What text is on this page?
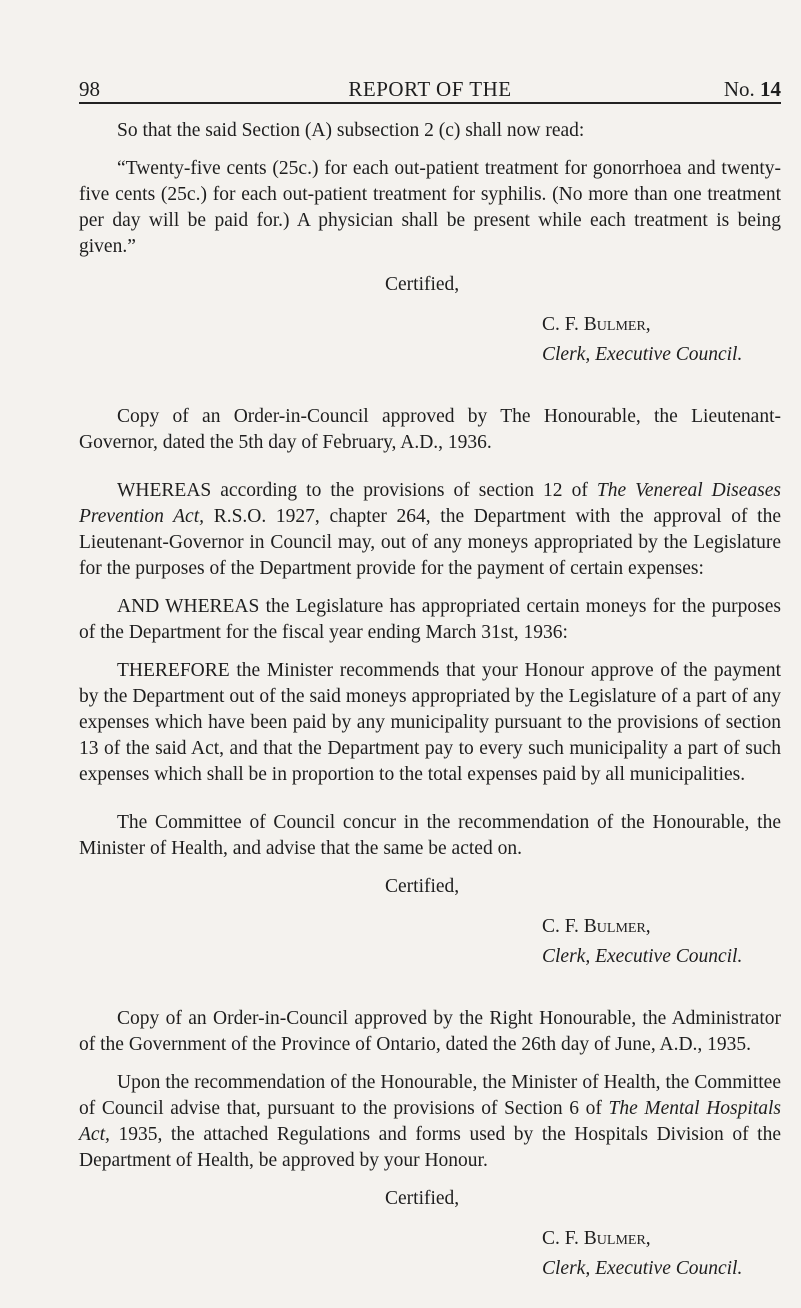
98	REPORT OF THE	No. 14

So that the said Section (A) subsection 2 (c) shall now read:

“Twenty-five cents (25c.) for each out-patient treatment for gonorrhoea and twenty-five cents (25c.) for each out-patient treatment for syphilis. (No more than one treatment per day will be paid for.) A physician shall be present while each treatment is being given.”

Certified,
C. F. Bulmer,
Clerk, Executive Council.

Copy of an Order-in-Council approved by The Honourable, the Lieutenant-Governor, dated the 5th day of February, A.D., 1936.

WHEREAS according to the provisions of section 12 of The Venereal Diseases Prevention Act, R.S.O. 1927, chapter 264, the Department with the approval of the Lieutenant-Governor in Council may, out of any moneys appropriated by the Legislature for the purposes of the Department provide for the payment of certain expenses:

AND WHEREAS the Legislature has appropriated certain moneys for the purposes of the Department for the fiscal year ending March 31st, 1936:

THEREFORE the Minister recommends that your Honour approve of the payment by the Department out of the said moneys appropriated by the Legislature of a part of any expenses which have been paid by any municipality pursuant to the provisions of section 13 of the said Act, and that the Department pay to every such municipality a part of such expenses which shall be in proportion to the total expenses paid by all municipalities.

The Committee of Council concur in the recommendation of the Honourable, the Minister of Health, and advise that the same be acted on.

Certified,
C. F. Bulmer,
Clerk, Executive Council.

Copy of an Order-in-Council approved by the Right Honourable, the Administrator of the Government of the Province of Ontario, dated the 26th day of June, A.D., 1935.

Upon the recommendation of the Honourable, the Minister of Health, the Committee of Council advise that, pursuant to the provisions of Section 6 of The Mental Hospitals Act, 1935, the attached Regulations and forms used by the Hospitals Division of the Department of Health, be approved by your Honour.

Certified,
C. F. Bulmer,
Clerk, Executive Council.
